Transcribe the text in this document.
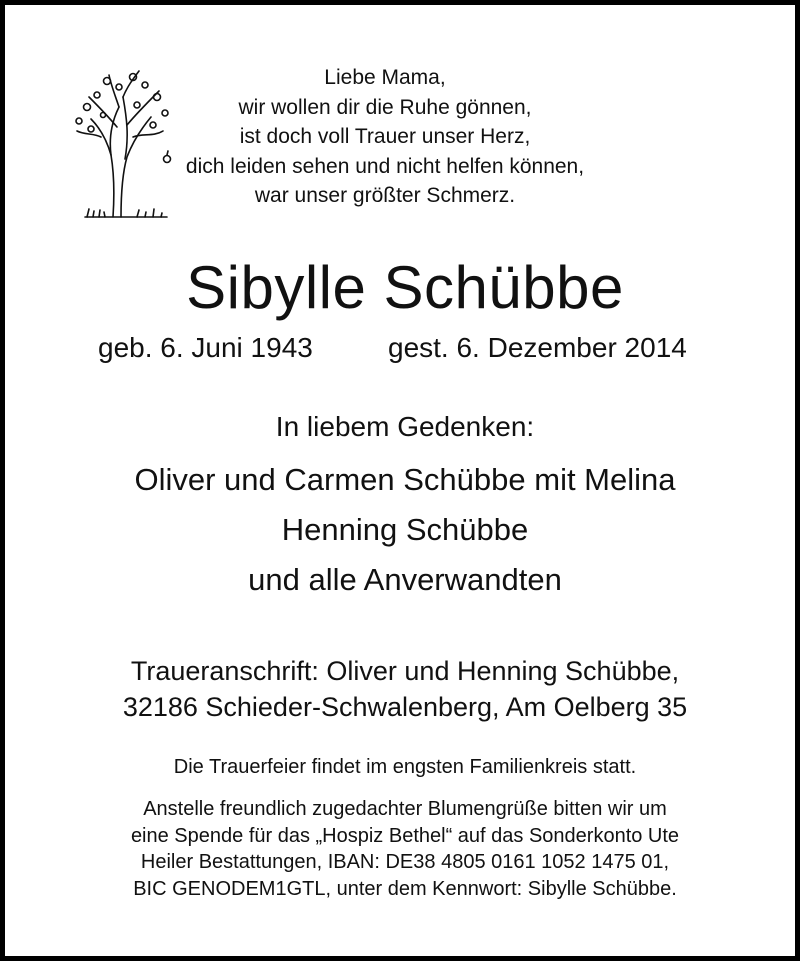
Liebe Mama,
wir wollen dir die Ruhe gönnen,
ist doch voll Trauer unser Herz,
dich leiden sehen und nicht helfen können,
war unser größter Schmerz.
Sibylle Schübbe
geb. 6. Juni 1943	gest. 6. Dezember 2014
In liebem Gedenken:
Oliver und Carmen Schübbe mit Melina
Henning Schübbe
und alle Anverwandten
Traueranschrift: Oliver und Henning Schübbe,
32186 Schieder-Schwalenberg, Am Oelberg 35
Die Trauerfeier findet im engsten Familienkreis statt.
Anstelle freundlich zugedachter Blumengrüße bitten wir um
eine Spende für das „Hospiz Bethel“ auf das Sonderkonto Ute
Heiler Bestattungen, IBAN: DE38 4805 0161 1052 1475 01,
BIC GENODEM1GTL, unter dem Kennwort: Sibylle Schübbe.
